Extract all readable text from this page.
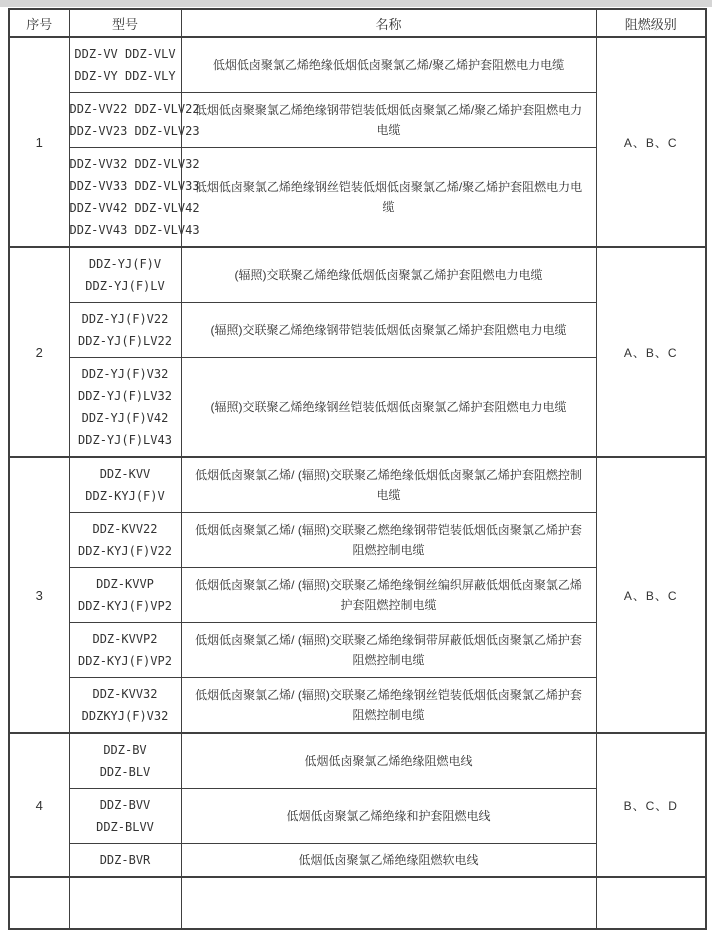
序号	型号	名称	阻燃级别
1	DDZ-VV DDZ-VLV
DDZ-VY DDZ-VLY	低烟低卤聚氯乙烯绝缘低烟低卤聚氯乙烯/聚乙烯护套阻燃电力电缆	A、B、C

	DDZ-VV22 DDZ-VLV22
DDZ-VV23 DDZ-VLV23	低烟低卤聚聚氯乙烯绝缘钢带铠装低烟低卤聚氯乙烯/聚乙烯护套阻燃电力电缆	

	DDZ-VV32 DDZ-VLV32
DDZ-VV33 DDZ-VLV33
DDZ-VV42 DDZ-VLV42
DDZ-VV43 DDZ-VLV43	低烟低卤聚氯乙烯绝缘钢丝铠装低烟低卤聚氯乙烯/聚乙烯护套阻燃电力电缆	
2	DDZ-YJ(F)V
DDZ-YJ(F)LV	(辐照)交联聚乙烯绝缘低烟低卤聚氯乙烯护套阻燃电力电缆	A、B、C

	DDZ-YJ(F)V22
DDZ-YJ(F)LV22	(辐照)交联聚乙烯绝缘钢带铠装低烟低卤聚氯乙烯护套阻燃电力电缆	

	DDZ-YJ(F)V32
DDZ-YJ(F)LV32
DDZ-YJ(F)V42
DDZ-YJ(F)LV43	(辐照)交联聚乙烯绝缘钢丝铠装低烟低卤聚氯乙烯护套阻燃电力电缆	
3	DDZ-KVV
DDZ-KYJ(F)V	低烟低卤聚氯乙烯/ (辐照)交联聚乙烯绝缘低烟低卤聚氯乙烯护套阻燃控制电缆	A、B、C

	DDZ-KVV22
DDZ-KYJ(F)V22	低烟低卤聚氯乙烯/ (辐照)交联聚乙燃绝缘钢带铠装低烟低卤聚氯乙烯护套阻燃控制电缆	

	DDZ-KVVP
DDZ-KYJ(F)VP2	低烟低卤聚氯乙烯/ (辐照)交联聚乙烯绝缘铜丝编织屏蔽低烟低卤聚氯乙烯护套阻燃控制电缆	

	DDZ-KVVP2
DDZ-KYJ(F)VP2	低烟低卤聚氯乙烯/ (辐照)交联聚乙烯绝缘铜带屏蔽低烟低卤聚氯乙烯护套阻燃控制电缆	

	DDZ-KVV32
DDZKYJ(F)V32	低烟低卤聚氯乙烯/ (辐照)交联聚乙烯绝缘钢丝铠装低烟低卤聚氯乙烯护套阻燃控制电缆	
4	DDZ-BV
DDZ-BLV	低烟低卤聚氯乙烯绝缘阻燃电线	B、C、D

	DDZ-BVV
DDZ-BLVV	低烟低卤聚氯乙烯绝缘和护套阻燃电线	

	DDZ-BVR	低烟低卤聚氯乙烯绝缘阻燃软电线	
